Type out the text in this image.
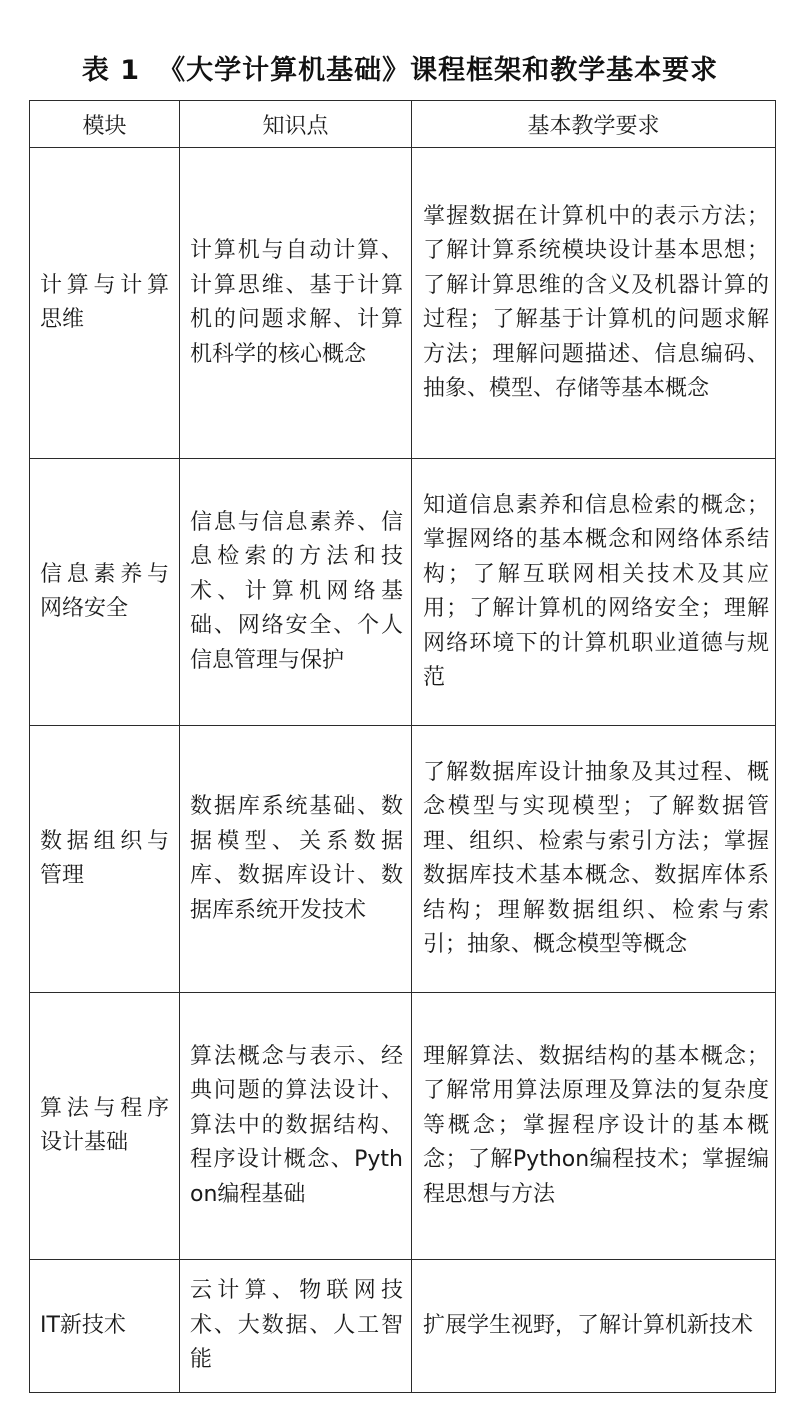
表 1 《大学计算机基础》课程框架和教学基本要求
模块	知识点	基本教学要求

计算与计算思维	计算机与自动计算、计算思维、基于计算机的问题求解、计算机科学的核心概念	掌握数据在计算机中的表示方法；了解计算系统模块设计基本思想；了解计算思维的含义及机器计算的过程；了解基于计算机的问题求解方法；理解问题描述、信息编码、抽象、模型、存储等基本概念

信息素养与网络安全	信息与信息素养、信息检索的方法和技术、计算机网络基础、网络安全、个人信息管理与保护	知道信息素养和信息检索的概念；掌握网络的基本概念和网络体系结构；了解互联网相关技术及其应用；了解计算机的网络安全；理解网络环境下的计算机职业道德与规范

数据组织与管理	数据库系统基础、数据模型、关系数据库、数据库设计、数据库系统开发技术	了解数据库设计抽象及其过程、概念模型与实现模型；了解数据管理、组织、检索与索引方法；掌握数据库技术基本概念、数据库体系结构；理解数据组织、检索与索引；抽象、概念模型等概念

算法与程序设计基础	算法概念与表示、经典问题的算法设计、算法中的数据结构、程序设计概念、Python编程基础	理解算法、数据结构的基本概念；了解常用算法原理及算法的复杂度等概念；掌握程序设计的基本概念；了解Python编程技术；掌握编程思想与方法

IT新技术	云计算、物联网技术、大数据、人工智能	扩展学生视野，了解计算机新技术
